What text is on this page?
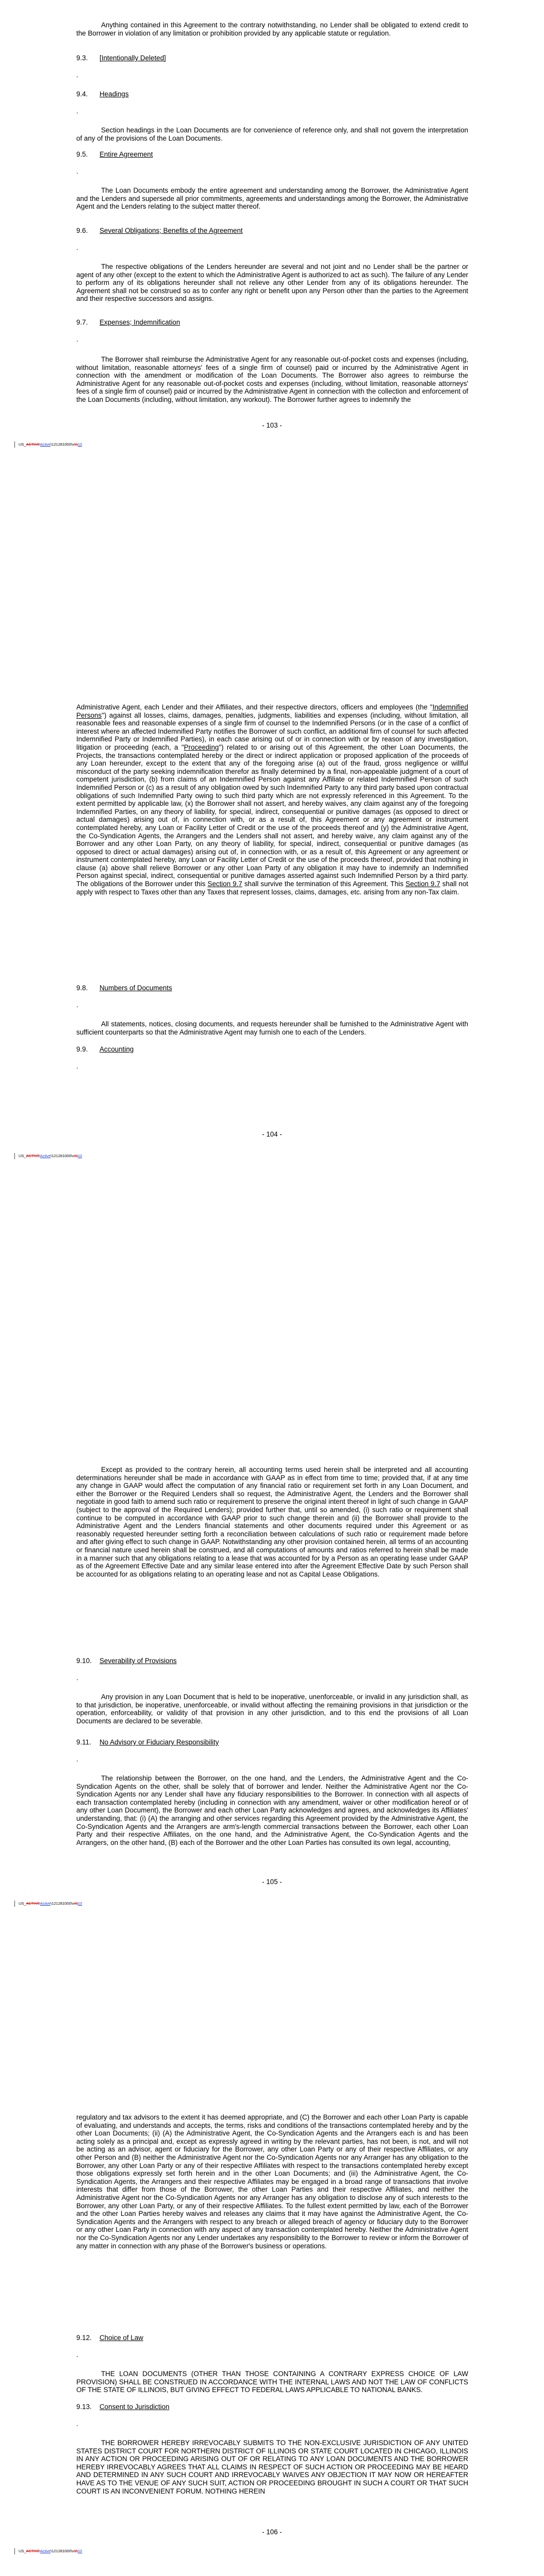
Anything contained in this Agreement to the contrary notwithstanding, no Lender shall be obligated to extend credit to the Borrower in violation of any limitation or prohibition provided by any applicable statute or regulation.

9.3. [Intentionally Deleted]
.
9.4. Headings
.

Section headings in the Loan Documents are for convenience of reference only, and shall not govern the interpretation of any of the provisions of the Loan Documents.

9.5. Entire Agreement
.

The Loan Documents embody the entire agreement and understanding among the Borrower, the Administrative Agent and the Lenders and supersede all prior commitments, agreements and understandings among the Borrower, the Administrative Agent and the Lenders relating to the subject matter thereof.

9.6. Several Obligations; Benefits of the Agreement
.

The respective obligations of the Lenders hereunder are several and not joint and no Lender shall be the partner or agent of any other (except to the extent to which the Administrative Agent is authorized to act as such). The failure of any Lender to perform any of its obligations hereunder shall not relieve any other Lender from any of its obligations hereunder. The Agreement shall not be construed so as to confer any right or benefit upon any Person other than the parties to the Agreement and their respective successors and assigns.

9.7. Expenses; Indemnification
.

The Borrower shall reimburse the Administrative Agent for any reasonable out-of-pocket costs and expenses (including, without limitation, reasonable attorneys' fees of a single firm of counsel) paid or incurred by the Administrative Agent in connection with the amendment or modification of the Loan Documents. The Borrower also agrees to reimburse the Administrative Agent for any reasonable out-of-pocket costs and expenses (including, without limitation, reasonable attorneys' fees of a single firm of counsel) paid or incurred by the Administrative Agent in connection with the collection and enforcement of the Loan Documents (including, without limitation, any workout). The Borrower further agrees to indemnify the

- 103 -
US_ACTIVEActive\121281000\v1110

Administrative Agent, each Lender and their Affiliates, and their respective directors, officers and employees (the "Indemnified Persons") against all losses, claims, damages, penalties, judgments, liabilities and expenses (including, without limitation, all reasonable fees and reasonable expenses of a single firm of counsel to the Indemnified Persons (or in the case of a conflict of interest where an affected Indemnified Party notifies the Borrower of such conflict, an additional firm of counsel for such affected Indemnified Party or Indemnified Parties), in each case arising out of or in connection with or by reason of any investigation, litigation or proceeding (each, a "Proceeding") related to or arising out of this Agreement, the other Loan Documents, the Projects, the transactions contemplated hereby or the direct or indirect application or proposed application of the proceeds of any Loan hereunder, except to the extent that any of the foregoing arise (a) out of the fraud, gross negligence or willful misconduct of the party seeking indemnification therefor as finally determined by a final, non-appealable judgment of a court of competent jurisdiction, (b) from claims of an Indemnified Person against any Affiliate or related Indemnified Person of such Indemnified Person or (c) as a result of any obligation owed by such Indemnified Party to any third party based upon contractual obligations of such Indemnified Party owing to such third party which are not expressly referenced in this Agreement. To the extent permitted by applicable law, (x) the Borrower shall not assert, and hereby waives, any claim against any of the foregoing Indemnified Parties, on any theory of liability, for special, indirect, consequential or punitive damages (as opposed to direct or actual damages) arising out of, in connection with, or as a result of, this Agreement or any agreement or instrument contemplated hereby, any Loan or Facility Letter of Credit or the use of the proceeds thereof and (y) the Administrative Agent, the Co-Syndication Agents, the Arrangers and the Lenders shall not assert, and hereby waive, any claim against any of the Borrower and any other Loan Party, on any theory of liability, for special, indirect, consequential or punitive damages (as opposed to direct or actual damages) arising out of, in connection with, or as a result of, this Agreement or any agreement or instrument contemplated hereby, any Loan or Facility Letter of Credit or the use of the proceeds thereof, provided that nothing in clause (a) above shall relieve Borrower or any other Loan Party of any obligation it may have to indemnify an Indemnified Person against special, indirect, consequential or punitive damages asserted against such Indemnified Person by a third party. The obligations of the Borrower under this Section 9.7 shall survive the termination of this Agreement. This Section 9.7 shall not apply with respect to Taxes other than any Taxes that represent losses, claims, damages, etc. arising from any non-Tax claim.

9.8. Numbers of Documents
.

All statements, notices, closing documents, and requests hereunder shall be furnished to the Administrative Agent with sufficient counterparts so that the Administrative Agent may furnish one to each of the Lenders.

9.9. Accounting
.
- 104 -
US_ACTIVEActive\121281000\v1110

Except as provided to the contrary herein, all accounting terms used herein shall be interpreted and all accounting determinations hereunder shall be made in accordance with GAAP as in effect from time to time; provided that, if at any time any change in GAAP would affect the computation of any financial ratio or requirement set forth in any Loan Document, and either the Borrower or the Required Lenders shall so request, the Administrative Agent, the Lenders and the Borrower shall negotiate in good faith to amend such ratio or requirement to preserve the original intent thereof in light of such change in GAAP (subject to the approval of the Required Lenders); provided further that, until so amended, (i) such ratio or requirement shall continue to be computed in accordance with GAAP prior to such change therein and (ii) the Borrower shall provide to the Administrative Agent and the Lenders financial statements and other documents required under this Agreement or as reasonably requested hereunder setting forth a reconciliation between calculations of such ratio or requirement made before and after giving effect to such change in GAAP. Notwithstanding any other provision contained herein, all terms of an accounting or financial nature used herein shall be construed, and all computations of amounts and ratios referred to herein shall be made in a manner such that any obligations relating to a lease that was accounted for by a Person as an operating lease under GAAP as of the Agreement Effective Date and any similar lease entered into after the Agreement Effective Date by such Person shall be accounted for as obligations relating to an operating lease and not as Capital Lease Obligations.

9.10. Severability of Provisions
.

Any provision in any Loan Document that is held to be inoperative, unenforceable, or invalid in any jurisdiction shall, as to that jurisdiction, be inoperative, unenforceable, or invalid without affecting the remaining provisions in that jurisdiction or the operation, enforceability, or validity of that provision in any other jurisdiction, and to this end the provisions of all Loan Documents are declared to be severable.

9.11. No Advisory or Fiduciary Responsibility
.

The relationship between the Borrower, on the one hand, and the Lenders, the Administrative Agent and the Co-Syndication Agents on the other, shall be solely that of borrower and lender. Neither the Administrative Agent nor the Co-Syndication Agents nor any Lender shall have any fiduciary responsibilities to the Borrower. In connection with all aspects of each transaction contemplated hereby (including in connection with any amendment, waiver or other modification hereof or of any other Loan Document), the Borrower and each other Loan Party acknowledges and agrees, and acknowledges its Affiliates' understanding, that: (i) (A) the arranging and other services regarding this Agreement provided by the Administrative Agent, the Co-Syndication Agents and the Arrangers are arm's-length commercial transactions between the Borrower, each other Loan Party and their respective Affiliates, on the one hand, and the Administrative Agent, the Co-Syndication Agents and the Arrangers, on the other hand, (B) each of the Borrower and the other Loan Parties has consulted its own legal, accounting,

- 105 -
US_ACTIVEActive\121281000\v1110

regulatory and tax advisors to the extent it has deemed appropriate, and (C) the Borrower and each other Loan Party is capable of evaluating, and understands and accepts, the terms, risks and conditions of the transactions contemplated hereby and by the other Loan Documents; (ii) (A) the Administrative Agent, the Co-Syndication Agents and the Arrangers each is and has been acting solely as a principal and, except as expressly agreed in writing by the relevant parties, has not been, is not, and will not be acting as an advisor, agent or fiduciary for the Borrower, any other Loan Party or any of their respective Affiliates, or any other Person and (B) neither the Administrative Agent nor the Co-Syndication Agents nor any Arranger has any obligation to the Borrower, any other Loan Party or any of their respective Affiliates with respect to the transactions contemplated hereby except those obligations expressly set forth herein and in the other Loan Documents; and (iii) the Administrative Agent, the Co-Syndication Agents, the Arrangers and their respective Affiliates may be engaged in a broad range of transactions that involve interests that differ from those of the Borrower, the other Loan Parties and their respective Affiliates, and neither the Administrative Agent nor the Co-Syndication Agents nor any Arranger has any obligation to disclose any of such interests to the Borrower, any other Loan Party, or any of their respective Affiliates. To the fullest extent permitted by law, each of the Borrower and the other Loan Parties hereby waives and releases any claims that it may have against the Administrative Agent, the Co-Syndication Agents and the Arrangers with respect to any breach or alleged breach of agency or fiduciary duty to the Borrower or any other Loan Party in connection with any aspect of any transaction contemplated hereby. Neither the Administrative Agent nor the Co-Syndication Agents nor any Lender undertakes any responsibility to the Borrower to review or inform the Borrower of any matter in connection with any phase of the Borrower's business or operations.

9.12. Choice of Law
.

THE LOAN DOCUMENTS (OTHER THAN THOSE CONTAINING A CONTRARY EXPRESS CHOICE OF LAW PROVISION) SHALL BE CONSTRUED IN ACCORDANCE WITH THE INTERNAL LAWS AND NOT THE LAW OF CONFLICTS OF THE STATE OF ILLINOIS, BUT GIVING EFFECT TO FEDERAL LAWS APPLICABLE TO NATIONAL BANKS.

9.13. Consent to Jurisdiction
.

THE BORROWER HEREBY IRREVOCABLY SUBMITS TO THE NON-EXCLUSIVE JURISDICTION OF ANY UNITED STATES DISTRICT COURT FOR NORTHERN DISTRICT OF ILLINOIS OR STATE COURT LOCATED IN CHICAGO, ILLINOIS IN ANY ACTION OR PROCEEDING ARISING OUT OF OR RELATING TO ANY LOAN DOCUMENTS AND THE BORROWER HEREBY IRREVOCABLY AGREES THAT ALL CLAIMS IN RESPECT OF SUCH ACTION OR PROCEEDING MAY BE HEARD AND DETERMINED IN ANY SUCH COURT AND IRREVOCABLY WAIVES ANY OBJECTION IT MAY NOW OR HEREAFTER HAVE AS TO THE VENUE OF ANY SUCH SUIT, ACTION OR PROCEEDING BROUGHT IN SUCH A COURT OR THAT SUCH COURT IS AN INCONVENIENT FORUM. NOTHING HEREIN

- 106 -
US_ACTIVEActive\121281000\v1110
